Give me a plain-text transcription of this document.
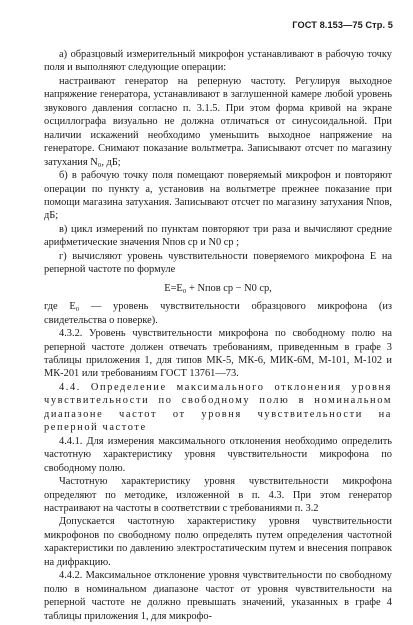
ГОСТ 8.153—75 Стр. 5

а) образцовый измерительный микрофон устанавливают в рабочую точку поля и выполняют следующие операции:

настраивают генератор на реперную частоту. Регулируя выходное напряжение генератора, устанавливают в заглушенной камере любой уровень звукового давления согласно п. 3.1.5. При этом форма кривой на экране осциллографа визуально не должна отличаться от синусоидальной. При наличии искажений необходимо уменьшить выходное напряжение на генераторе. Снимают показание вольтметра. Записывают отсчет по магазину затухания N₀, дБ;

б) в рабочую точку поля помещают поверяемый микрофон и повторяют операции по пункту а, установив на вольтметре прежнее показание при помощи магазина затухания. Записывают отсчет по магазину затухания Nпов, дБ;

в) цикл измерений по пунктам повторяют три раза и вычисляют средние арифметические значения Nпов ср и N0 ср ;

г) вычисляют уровень чувствительности поверяемого микрофона E на реперной частоте по формуле

E=E₀ + Nпов ср − N0 ср,

где E₀ — уровень чувствительности образцового микрофона (из свидетельства о поверке).

4.3.2. Уровень чувствительности микрофона по свободному полю на реперной частоте должен отвечать требованиям, приведенным в графе 3 таблицы приложения 1, для типов МК-5, МК-6, МИК-6М, М-101, М-102 и МК-201 или требованиям ГОСТ 13761—73.

4.4. Определение максимального отклонения уровня чувствительности по свободному полю в номинальном диапазоне частот от уровня чувствительности на реперной частоте

4.4.1. Для измерения максимального отклонения необходимо определить частотную характеристику уровня чувствительности микрофона по свободному полю.

Частотную характеристику уровня чувствительности микрофона определяют по методике, изложенной в п. 4.3. При этом генератор настраивают на частоты в соответствии с требованиями п. 3.2

Допускается частотную характеристику уровня чувствительности микрофонов по свободному полю определять путем определения частотной характеристики по давлению электростатическим путем и внесения поправок на дифракцию.

4.4.2. Максимальное отклонение уровня чувствительности по свободному полю в номинальном диапазоне частот от уровня чувствительности на реперной частоте не должно превышать значений, указанных в графе 4 таблицы приложения 1, для микрофо-
